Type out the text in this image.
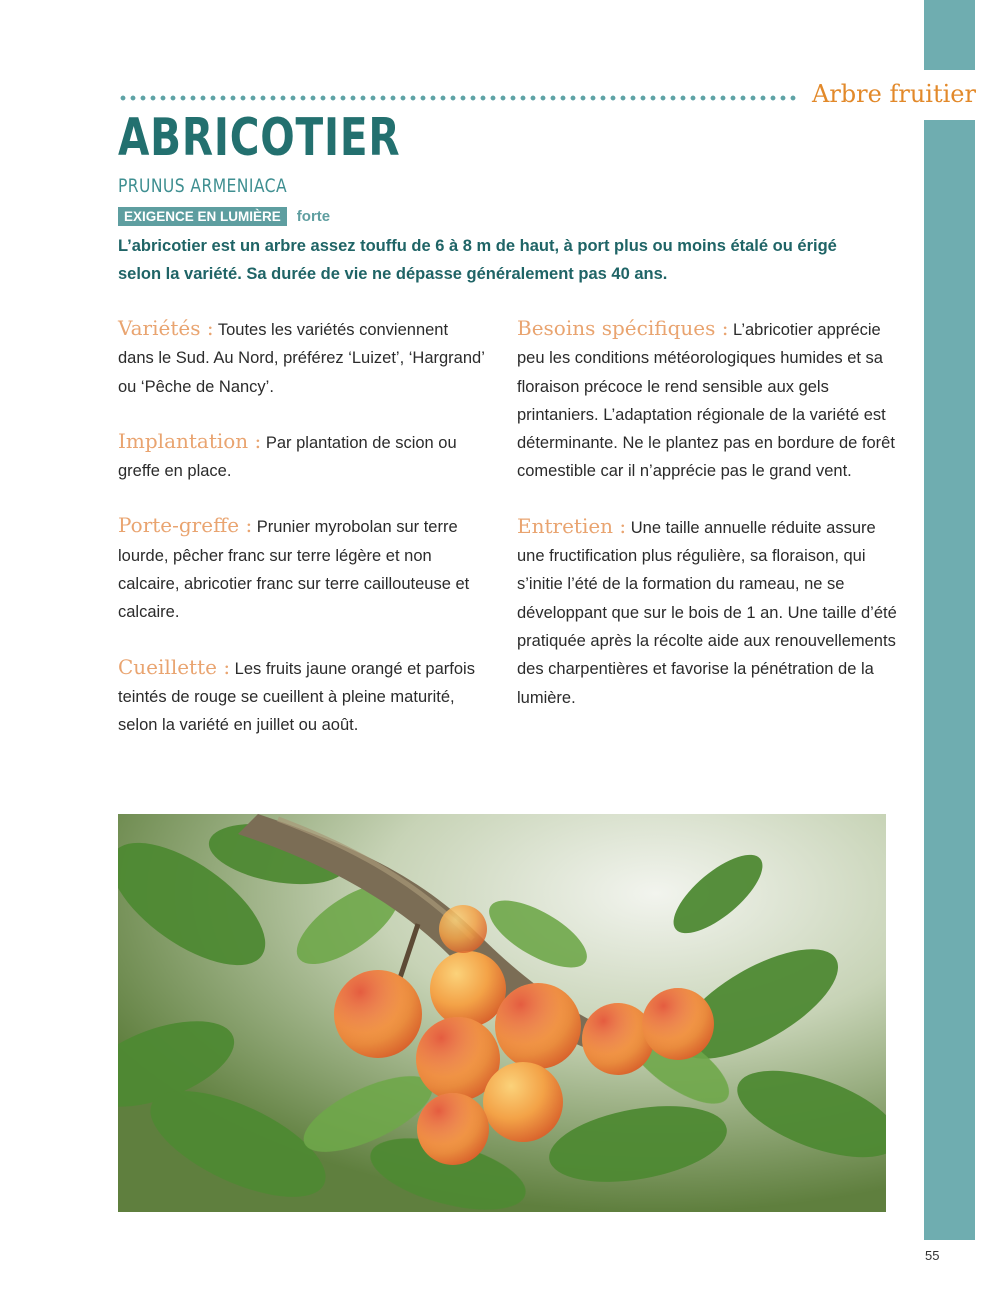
Arbre fruitier
ABRICOTIER
PRUNUS ARMENIACA
EXIGENCE EN LUMIÈRE	forte

L’abricotier est un arbre assez touffu de 6 à 8 m de haut, à port plus ou moins étalé ou érigé selon la variété. Sa durée de vie ne dépasse généralement pas 40 ans.

Variétés : Toutes les variétés conviennent dans le Sud. Au Nord, préférez ‘Luizet’, ‘Hargrand’ ou ‘Pêche de Nancy’.

Implantation : Par plantation de scion ou greffe en place.

Porte-greffe : Prunier myrobolan sur terre lourde, pêcher franc sur terre légère et non calcaire, abricotier franc sur terre caillouteuse et calcaire.

Cueillette : Les fruits jaune orangé et parfois teintés de rouge se cueillent à pleine maturité, selon la variété en juillet ou août.

Besoins spécifiques : L’abricotier apprécie peu les conditions météorologiques humides et sa floraison précoce le rend sensible aux gels printaniers. L’adaptation régionale de la variété est déterminante. Ne le plantez pas en bordure de forêt comestible car il n’apprécie pas le grand vent.

Entretien : Une taille annuelle réduite assure une fructification plus régulière, sa floraison, qui s’initie l’été de la formation du rameau, ne se développant que sur le bois de 1 an. Une taille d’été pratiquée après la récolte aide aux renouvellements des charpentières et favorise la pénétration de la lumière.

55
